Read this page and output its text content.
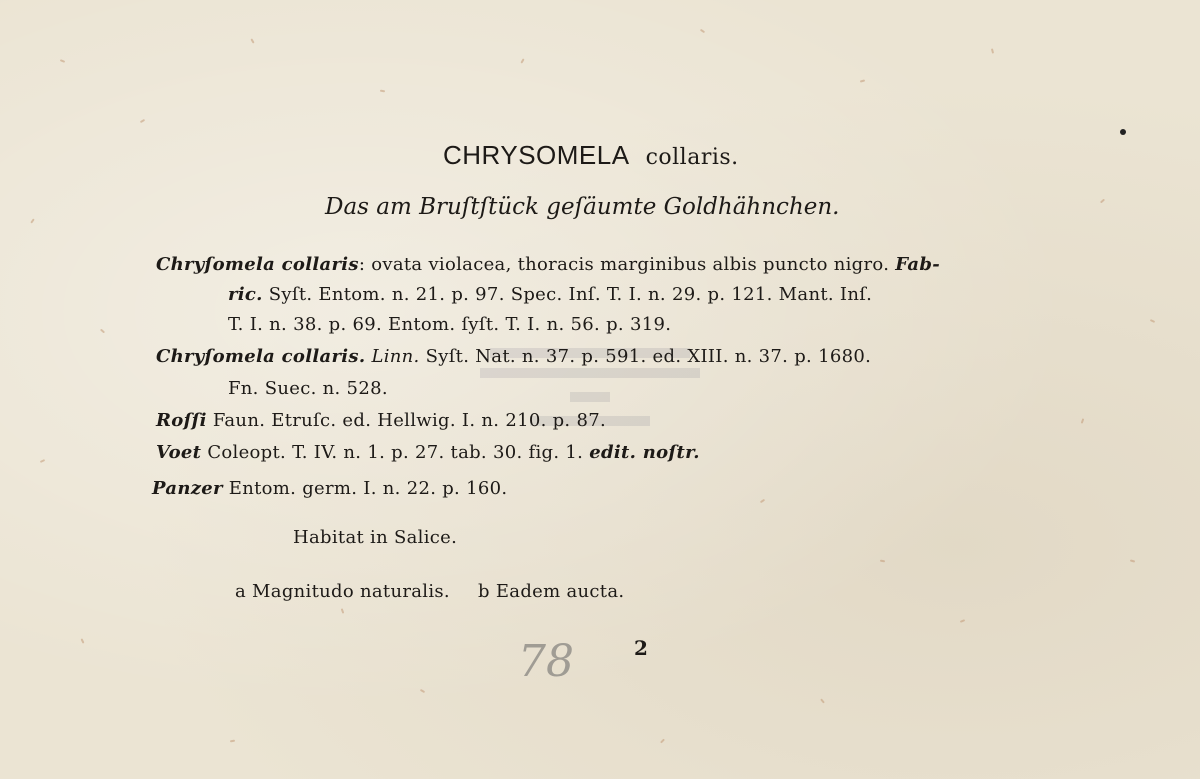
CHRYSOMELA collaris.
Das am Bruſtſtück geſäumte Goldhähnchen.
Chryſomela collaris: ovata violacea, thoracis marginibus albis puncto nigro. Fab-
ric. Syſt. Entom. n. 21. p. 97. Spec. Inſ. T. I. n. 29. p. 121. Mant. Inſ.
T. I. n. 38. p. 69. Entom. ſyſt. T. I. n. 56. p. 319.
Chryſomela collaris. Linn. Syſt. Nat. n. 37. p. 591. ed. XIII. n. 37. p. 1680.
Fn. Suec. n. 528.
Roſſi Faun. Etruſc. ed. Hellwig. I. n. 210. p. 87.
Voet Coleopt. T. IV. n. 1. p. 27. tab. 30. fig. 1. edit. noſtr.
Panzer Entom. germ. I. n. 22. p. 160.
Habitat in Salice.
a Magnitudo naturalis. b Eadem aucta.
78	2
